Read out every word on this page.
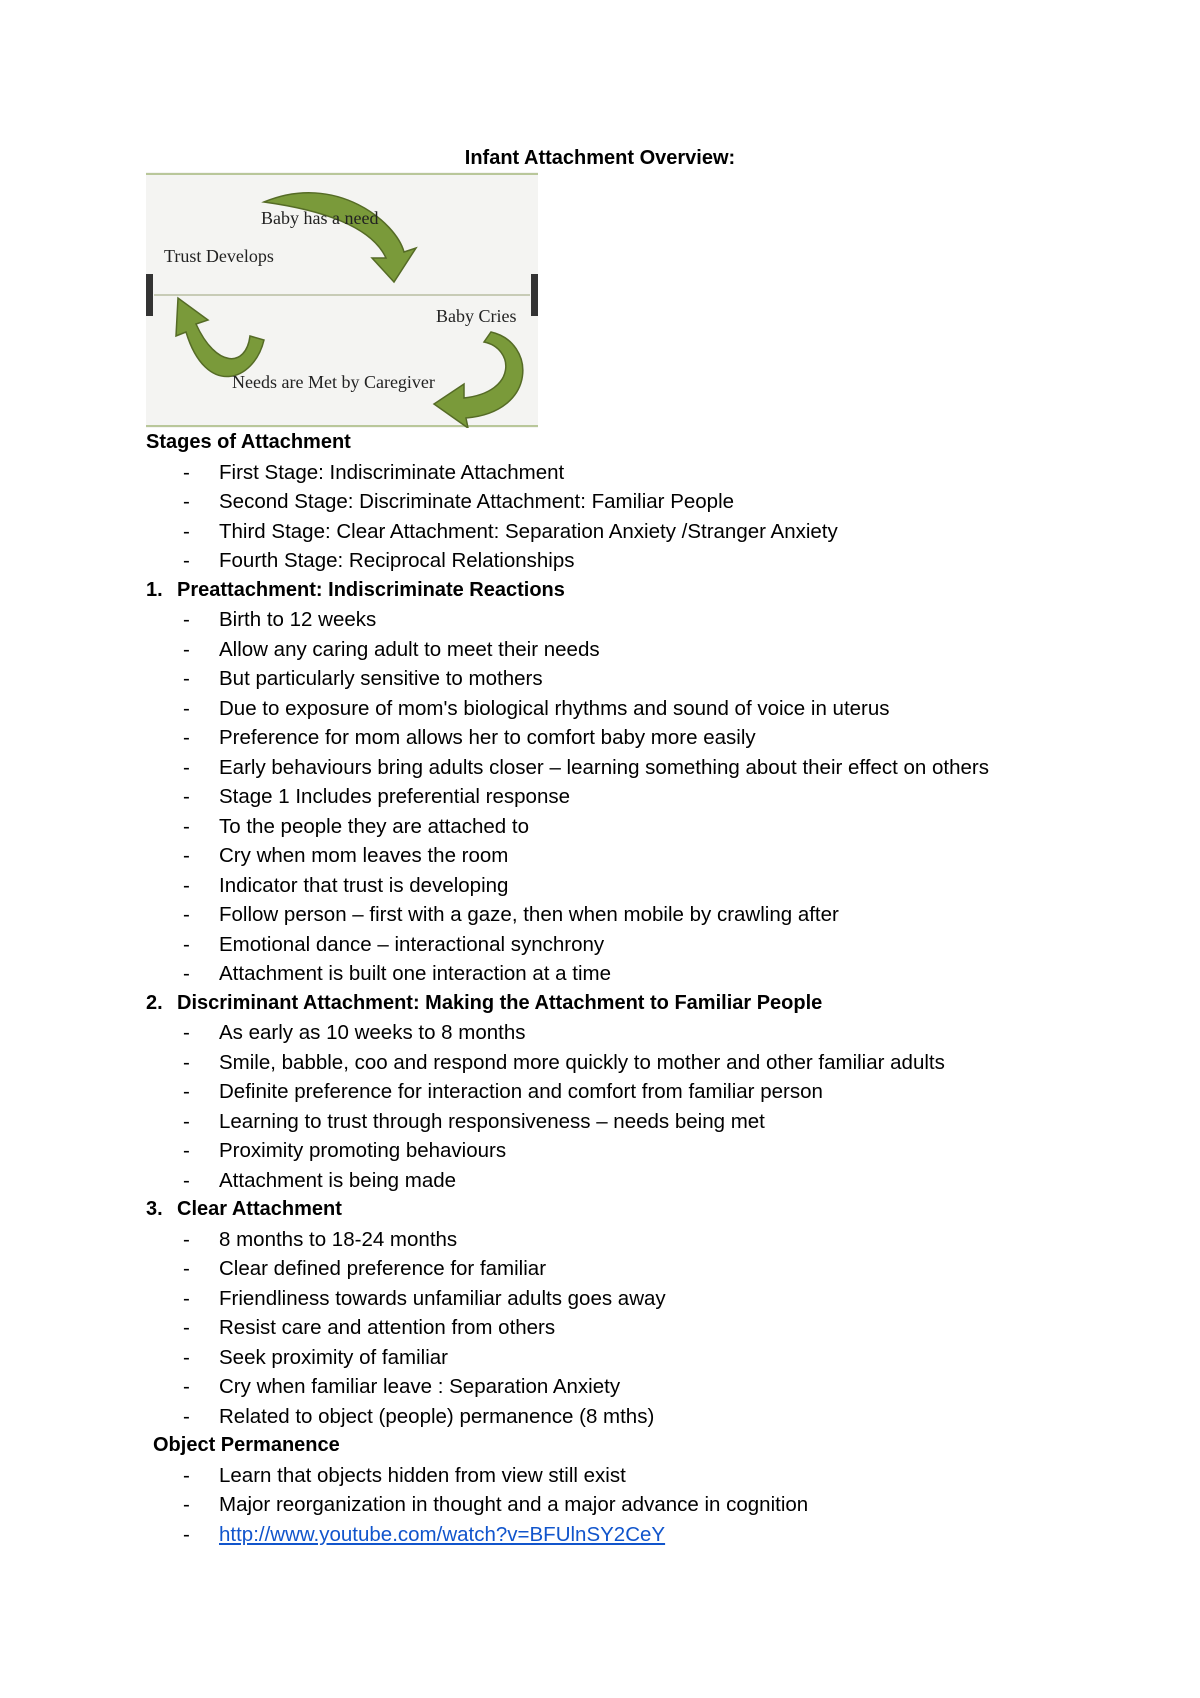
Infant Attachment Overview:
Baby has a need
Trust Develops
Baby Cries
Needs are Met by Caregiver
Stages of Attachment
- First Stage: Indiscriminate Attachment
- Second Stage: Discriminate Attachment: Familiar People
- Third Stage: Clear Attachment: Separation Anxiety /Stranger Anxiety
- Fourth Stage: Reciprocal Relationships
1. Preattachment: Indiscriminate Reactions
- Birth to 12 weeks
- Allow any caring adult to meet their needs
- But particularly sensitive to mothers
- Due to exposure of mom's biological rhythms and sound of voice in uterus
- Preference for mom allows her to comfort baby more easily
- Early behaviours bring adults closer – learning something about their effect on others
- Stage 1 Includes preferential response
- To the people they are attached to
- Cry when mom leaves the room
- Indicator that trust is developing
- Follow person – first with a gaze, then when mobile by crawling after
- Emotional dance – interactional synchrony
- Attachment is built one interaction at a time
2. Discriminant Attachment: Making the Attachment to Familiar People
- As early as 10 weeks to 8 months
- Smile, babble, coo and respond more quickly to mother and other familiar adults
- Definite preference for interaction and comfort from familiar person
- Learning to trust through responsiveness – needs being met
- Proximity promoting behaviours
- Attachment is being made
3. Clear Attachment
- 8 months to 18-24 months
- Clear defined preference for familiar
- Friendliness towards unfamiliar adults goes away
- Resist care and attention from others
- Seek proximity of familiar
- Cry when familiar leave : Separation Anxiety
- Related to object (people) permanence (8 mths)
Object Permanence
- Learn that objects hidden from view still exist
- Major reorganization in thought and a major advance in cognition
- http://www.youtube.com/watch?v=BFUlnSY2CeY
